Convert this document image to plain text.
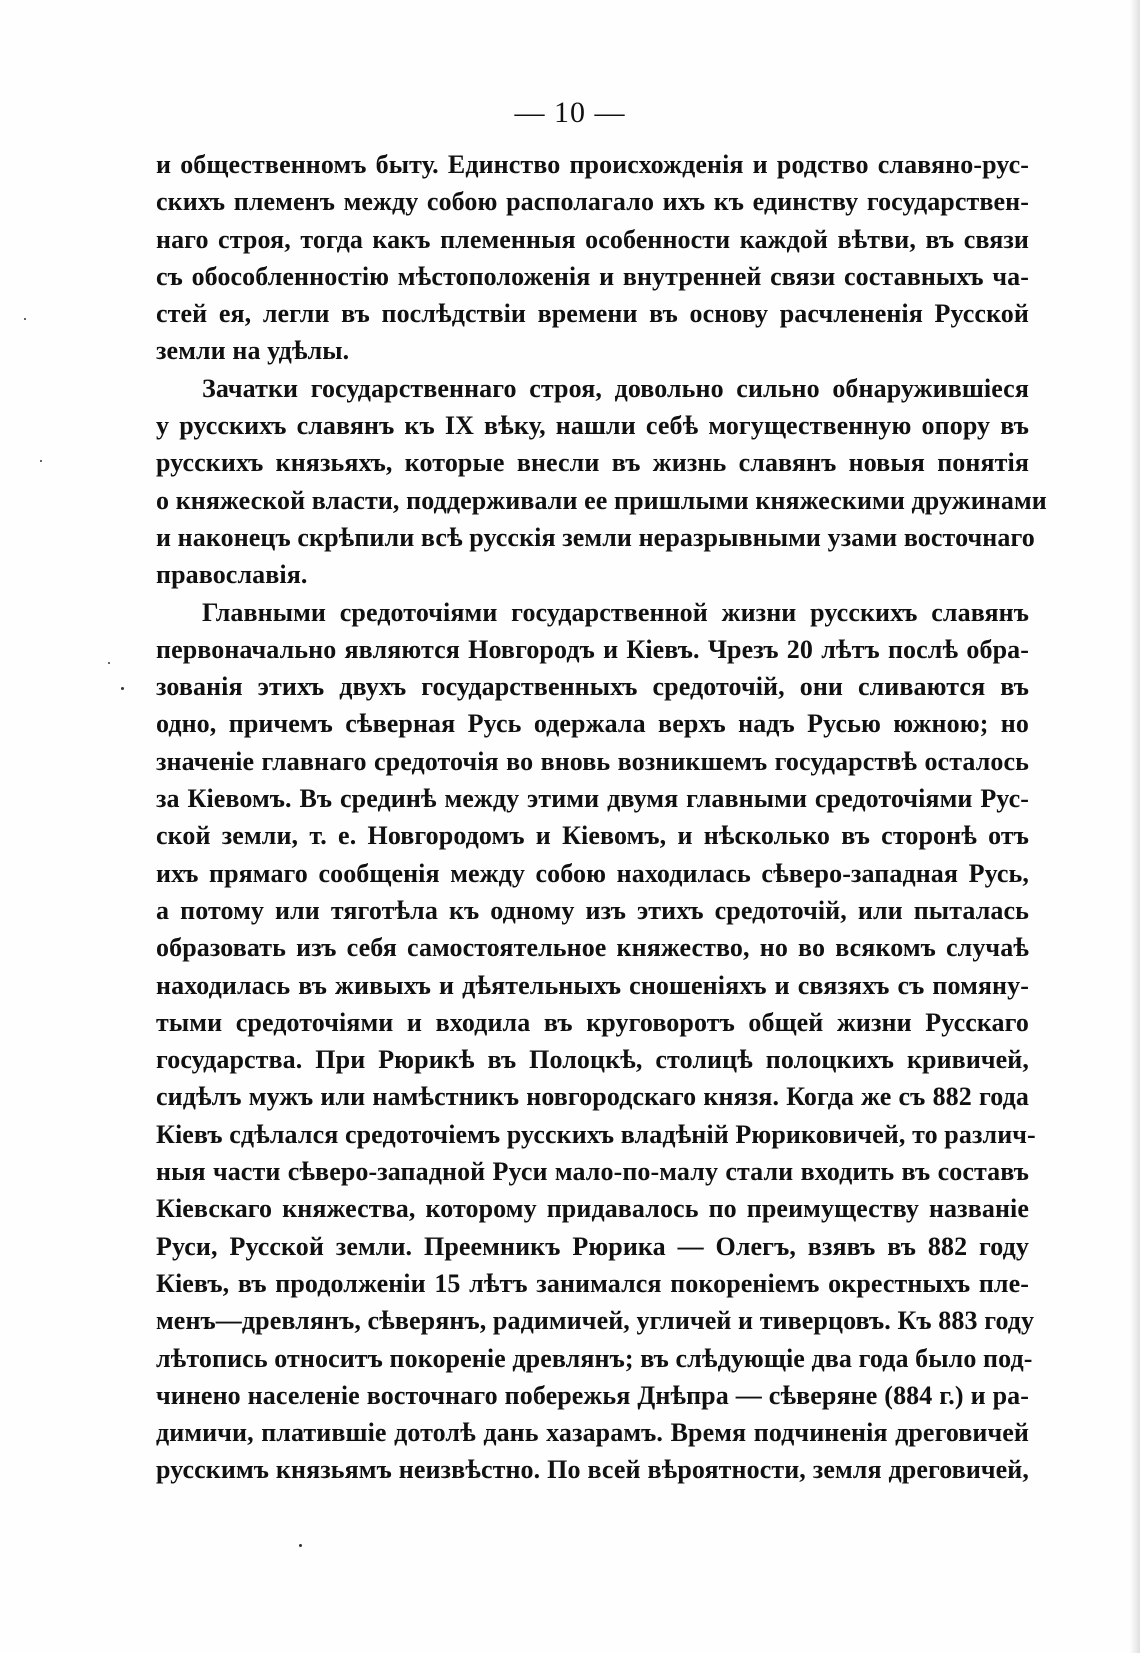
— 10 —
и общественномъ быту. Единство происхожденія и родство славяно-рус-
скихъ племенъ между собою располагало ихъ къ единству государствен-
наго строя, тогда какъ племенныя особенности каждой вѣтви, въ связи
съ обособленностію мѣстоположенія и внутренней связи составныхъ ча-
стей ея, легли въ послѣдствіи времени въ основу расчлененія Русской
земли на удѣлы.
Зачатки государственнаго строя, довольно сильно обнаружившіеся
у русскихъ славянъ къ IX вѣку, нашли себѣ могущественную опору въ
русскихъ князьяхъ, которые внесли въ жизнь славянъ новыя понятія
о княжеской власти, поддерживали ее пришлыми княжескими дружинами
и наконецъ скрѣпили всѣ русскія земли неразрывными узами восточнаго
православія.
Главными средоточіями государственной жизни русскихъ славянъ
первоначально являются Новгородъ и Кіевъ. Чрезъ 20 лѣтъ послѣ обра-
зованія этихъ двухъ государственныхъ средоточій, они сливаются въ
одно, причемъ сѣверная Русь одержала верхъ надъ Русью южною; но
значеніе главнаго средоточія во вновь возникшемъ государствѣ осталось
за Кіевомъ. Въ срединѣ между этими двумя главными средоточіями Рус-
ской земли, т. е. Новгородомъ и Кіевомъ, и нѣсколько въ сторонѣ отъ
ихъ прямаго сообщенія между собою находилась сѣверо-западная Русь,
а потому или тяготѣла къ одному изъ этихъ средоточій, или пыталась
образовать изъ себя самостоятельное княжество, но во всякомъ случаѣ
находилась въ живыхъ и дѣятельныхъ сношеніяхъ и связяхъ съ помяну-
тыми средоточіями и входила въ круговоротъ общей жизни Русскаго
государства. При Рюрикѣ въ Полоцкѣ, столицѣ полоцкихъ кривичей,
сидѣлъ мужъ или намѣстникъ новгородскаго князя. Когда же съ 882 года
Кіевъ сдѣлался средоточіемъ русскихъ владѣній Рюриковичей, то различ-
ныя части сѣверо-западной Руси мало-по-малу стали входить въ составъ
Кіевскаго княжества, которому придавалось по преимуществу названіе
Руси, Русской земли. Преемникъ Рюрика — Олегъ, взявъ въ 882 году
Кіевъ, въ продолженіи 15 лѣтъ занимался покореніемъ окрестныхъ пле-
менъ—древлянъ, сѣверянъ, радимичей, угличей и тиверцовъ. Къ 883 году
лѣтопись относитъ покореніе древлянъ; въ слѣдующіе два года было под-
чинено населеніе восточнаго побережья Днѣпра — сѣверяне (884 г.) и ра-
димичи, платившіе дотолѣ дань хазарамъ. Время подчиненія дреговичей
русскимъ князьямъ неизвѣстно. По всей вѣроятности, земля дреговичей,
